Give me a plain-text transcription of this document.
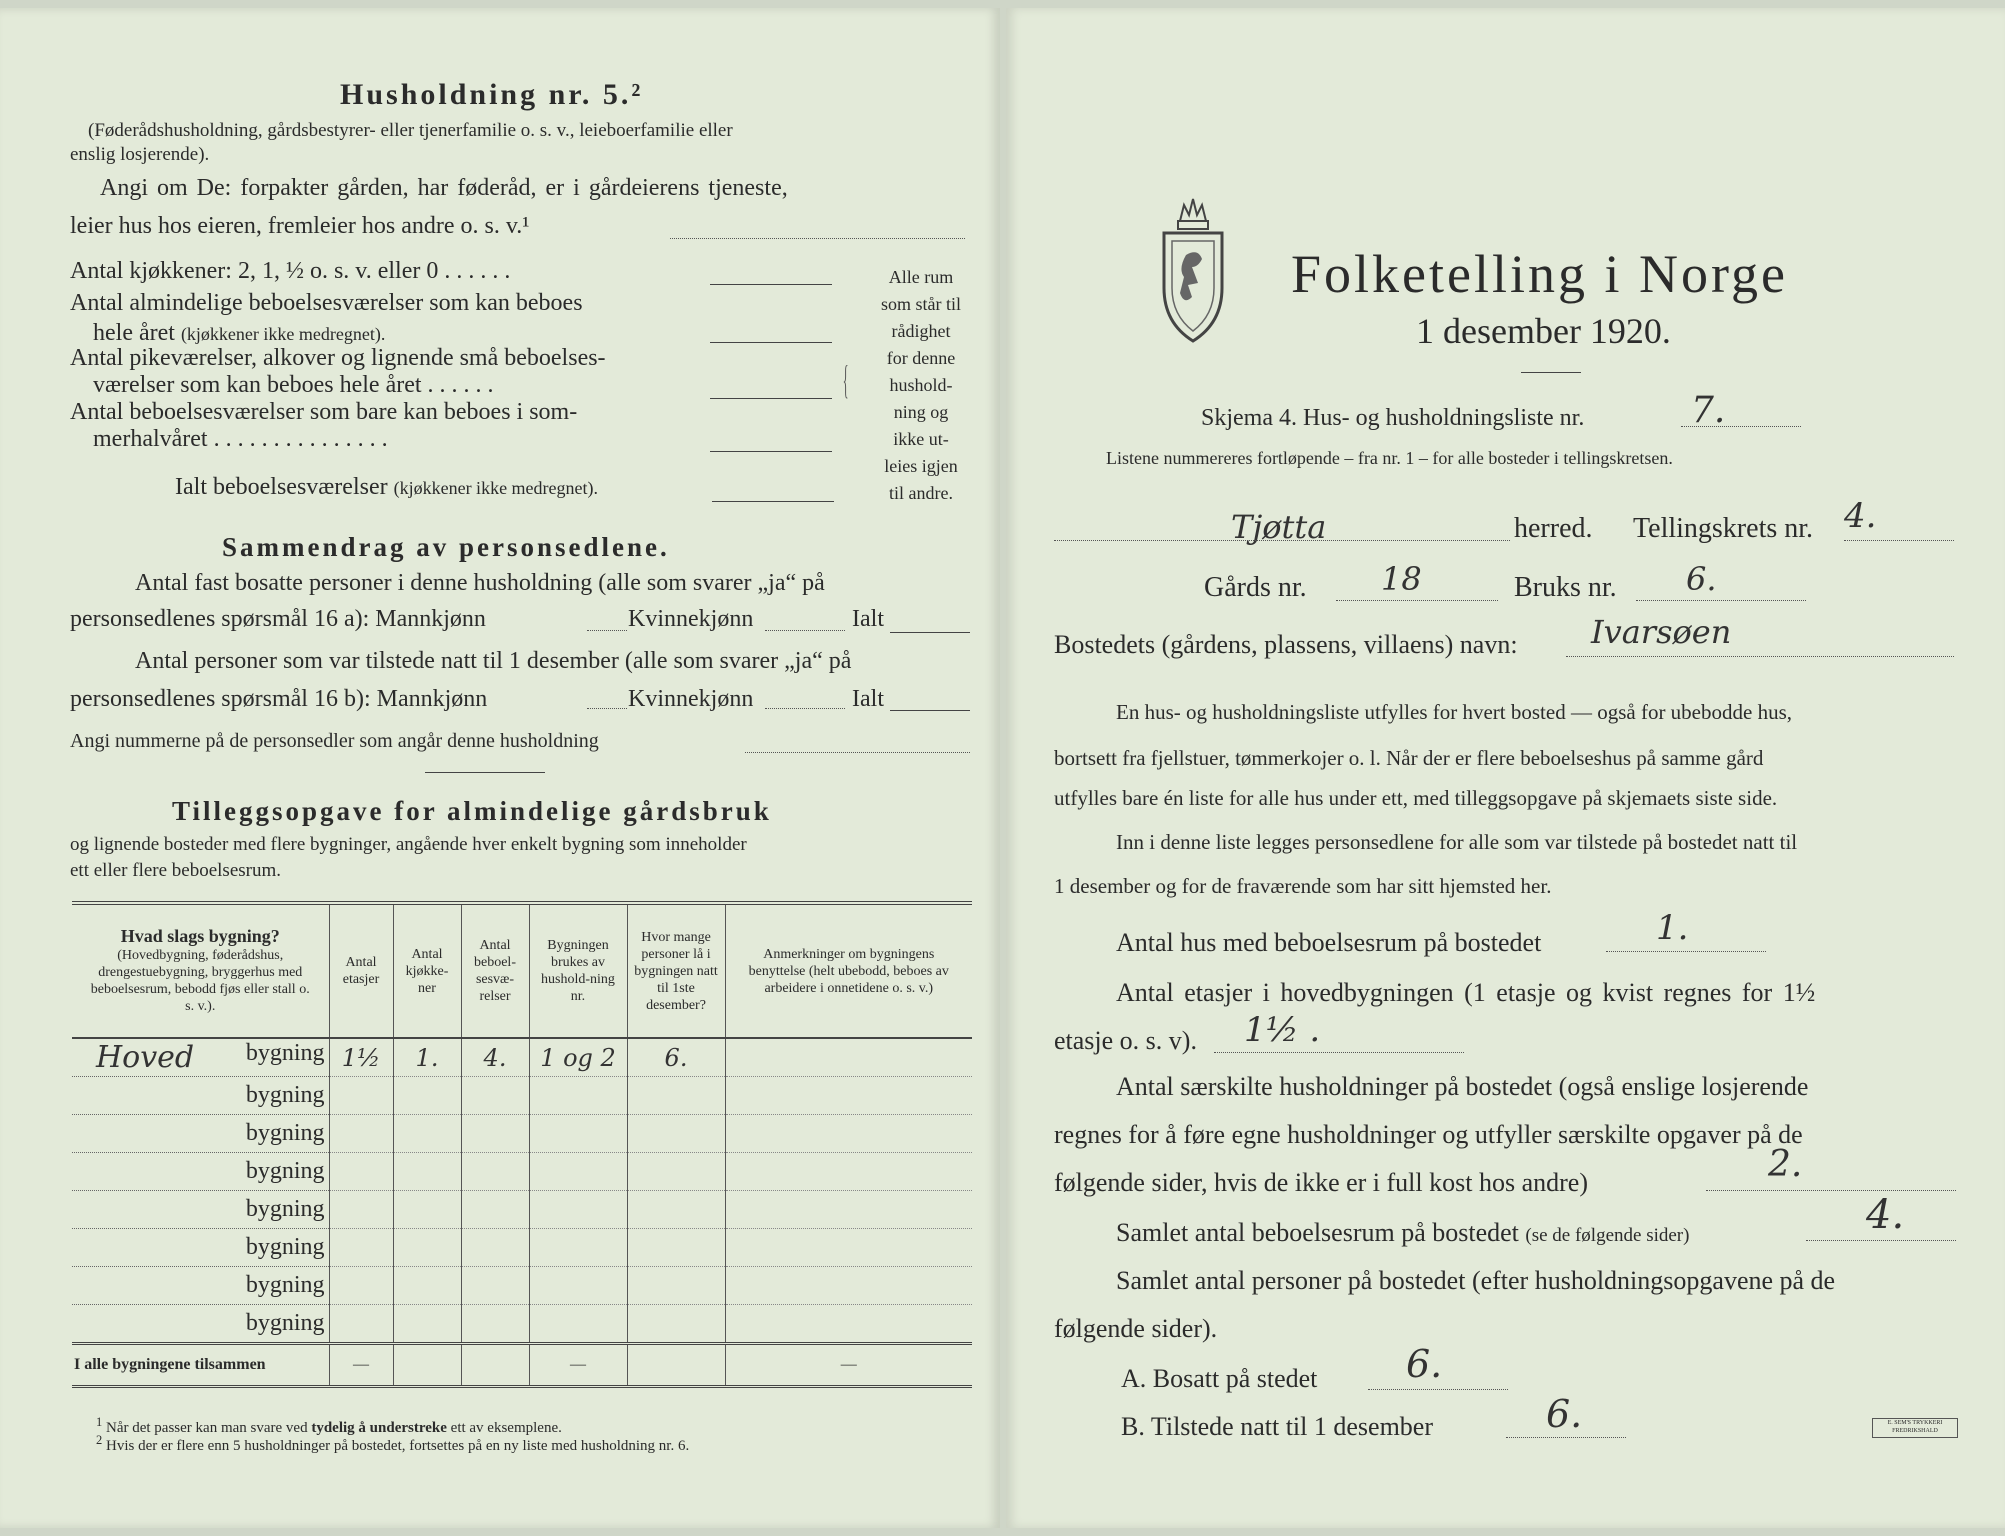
Husholdning nr. 5.²
(Føderådshusholdning, gårdsbestyrer- eller tjenerfamilie o. s. v., leieboerfamilie eller
enslig losjerende).
Angi om De: forpakter gården, har føderåd, er i gårdeierens tjeneste,
leier hus hos eieren, fremleier hos andre o. s. v.¹
Antal kjøkkener: 2, 1, ½ o. s. v. eller 0 . . . . . .
Antal almindelige beboelsesværelser som kan beboes
hele året (kjøkkener ikke medregnet).
Antal pikeværelser, alkover og lignende små beboelses-
værelser som kan beboes hele året . . . . . .
Antal beboelsesværelser som bare kan beboes i som-
merhalvåret . . . . . . . . . . . . . . .
Ialt beboelsesværelser (kjøkkener ikke medregnet).
{
Alle rum
som står til
rådighet
for denne
hushold-
ning og
ikke ut-
leies igjen
til andre.
Sammendrag av personsedlene.
Antal fast bosatte personer i denne husholdning (alle som svarer „ja“ på
personsedlenes spørsmål 16 a): Mannkjønn	Kvinnekjønn	Ialt
Antal personer som var tilstede natt til 1 desember (alle som svarer „ja“ på
personsedlenes spørsmål 16 b): Mannkjønn	Kvinnekjønn	Ialt
Angi nummerne på de personsedler som angår denne husholdning
Tilleggsopgave for almindelige gårdsbruk
og lignende bosteder med flere bygninger, angående hver enkelt bygning som inneholder
ett eller flere beboelsesrum.
Hvad slags bygning?
(Hovedbygning, føderådshus, drengestuebygning, bryggerhus med beboelsesrum, bebodd fjøs eller stall o. s. v.).	Antal etasjer	Antal kjøkke-ner	Antal beboel-sesvæ-relser	Bygningen brukes av hushold-ning nr.	Hvor mange personer lå i bygningen natt til 1ste desember?	Anmerkninger om bygningens benyttelse (helt ubebodd, beboes av arbeidere i onnetidene o. s. v.)

Hoved bygning	1½	1.	4.	1 og 2	6.	

bygning						

bygning						

bygning						

bygning						

bygning						

bygning						

bygning						
I alle bygningene tilsammen	—			—		—
$^1$ Når det passer kan man svare ved tydelig å understreke ett av eksemplene.
$^2$ Hvis der er flere enn 5 husholdninger på bostedet, fortsettes på en ny liste med husholdning nr. 6.
Folketelling i Norge
1 desember 1920.
Skjema 4. Hus- og husholdningsliste nr.	7.
Listene nummereres fortløpende – fra nr. 1 – for alle bosteder i tellingskretsen.
Tjøtta	herred. Tellingskrets nr. 4.
Gårds nr. 18	Bruks nr. 6.
Bostedets (gårdens, plassens, villaens) navn: Ivarsøen
En hus- og husholdningsliste utfylles for hvert bosted — også for ubebodde hus,
bortsett fra fjellstuer, tømmerkojer o. l. Når der er flere beboelseshus på samme gård
utfylles bare én liste for alle hus under ett, med tilleggsopgave på skjemaets siste side.
Inn i denne liste legges personsedlene for alle som var tilstede på bostedet natt til
1 desember og for de fraværende som har sitt hjemsted her.
Antal hus med beboelsesrum på bostedet	1.
Antal etasjer i hovedbygningen (1 etasje og kvist regnes for 1½
etasje o. s. v). 1½ .
Antal særskilte husholdninger på bostedet (også enslige losjerende
regnes for å føre egne husholdninger og utfyller særskilte opgaver på de
følgende sider, hvis de ikke er i full kost hos andre)	2.
Samlet antal beboelsesrum på bostedet (se de følgende sider)	4.
Samlet antal personer på bostedet (efter husholdningsopgavene på de
følgende sider).
A. Bosatt på stedet 6.
B. Tilstede natt til 1 desember	6.	E. SEM'S TRYKKERI FREDRIKSHALD
